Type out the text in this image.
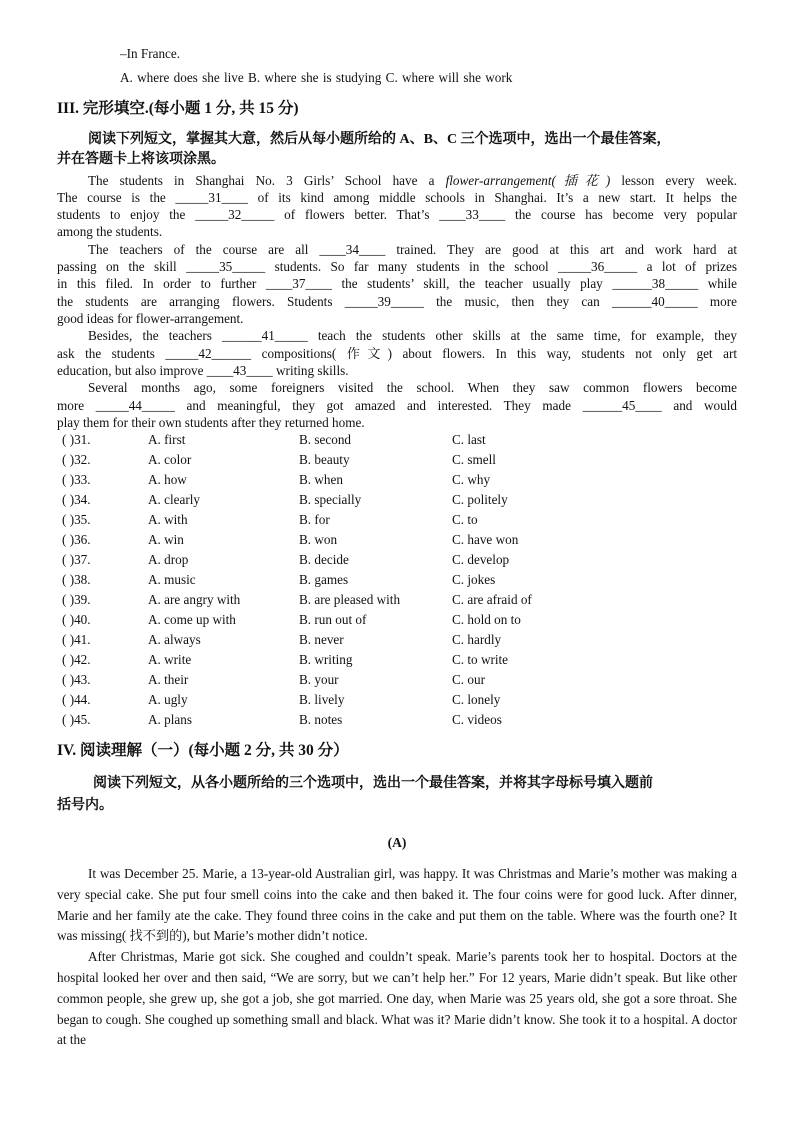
–In France.
A. where does she live B. where she is studying C. where will she work
III. 完形填空.(每小题 1 分, 共 15 分)
阅读下列短文，掌握其大意，然后从每小题所给的 A、B、C 三个选项中，选出一个最佳答案，
并在答题卡上将该项涂黑。
The students in Shanghai No. 3 Girls’ School have a flower-arrangement(插花) lesson every week.
The course is the _____31____ of its kind among middle schools in Shanghai. It’s a new start. It helps the
students to enjoy the _____32_____ of flowers better. That’s ____33____ the course has become very popular
among the students.
The teachers of the course are all ____34____ trained. They are good at this art and work hard at
passing on the skill _____35_____ students. So far many students in the school _____36_____ a lot of prizes
in this filed. In order to further ____37____ the students’ skill, the teacher usually play ______38_____ while
the students are arranging flowers. Students _____39_____ the music, then they can ______40_____ more
good ideas for flower-arrangement.
Besides, the teachers ______41_____ teach the students other skills at the same time, for example, they
ask the students _____42______ compositions( 作文) about flowers. In this way, students not only get art
education, but also improve ____43____ writing skills.
Several months ago, some foreigners visited the school. When they saw common flowers become
more _____44_____ and meaningful, they got amazed and interested. They made ______45____ and would
play them for their own students after they returned home.
( )31.	A. first	B. second	C. last
( )32.	A. color	B. beauty	C. smell
( )33.	A. how	B. when	C. why
( )34.	A. clearly	B. specially	C. politely
( )35.	A. with	B. for	C. to
( )36.	A. win	B. won	C. have won
( )37.	A. drop	B. decide	C. develop
( )38.	A. music	B. games	C. jokes
( )39.	A. are angry with	B. are pleased with	C. are afraid of
( )40.	A. come up with	B. run out of	C. hold on to
( )41.	A. always	B. never	C. hardly
( )42.	A. write	B. writing	C. to write
( )43.	A. their	B. your	C. our
( )44.	A. ugly	B. lively	C. lonely
( )45.	A. plans	B. notes	C. videos
IV. 阅读理解（一）(每小题 2 分, 共 30 分）
阅读下列短文，从各小题所给的三个选项中，选出一个最佳答案，并将其字母标号填入题前
括号内。
(A)

It was December 25. Marie, a 13-year-old Australian girl, was happy. It was Christmas and Marie’s mother was making a very special cake. She put four smell coins into the cake and then baked it. The four coins were for good luck. After dinner, Marie and her family ate the cake. They found three coins in the cake and put them on the table. Where was the fourth one? It was missing( 找不到的), but Marie’s mother didn’t notice.

After Christmas, Marie got sick. She coughed and couldn’t speak. Marie’s parents took her to hospital. Doctors at the hospital looked her over and then said, “We are sorry, but we can’t help her.” For 12 years, Marie didn’t speak. But like other common people, she grew up, she got a job, she got married. One day, when Marie was 25 years old, she got a sore throat. She began to cough. She coughed up something small and black. What was it? Marie didn’t know. She took it to a hospital. A doctor at the
